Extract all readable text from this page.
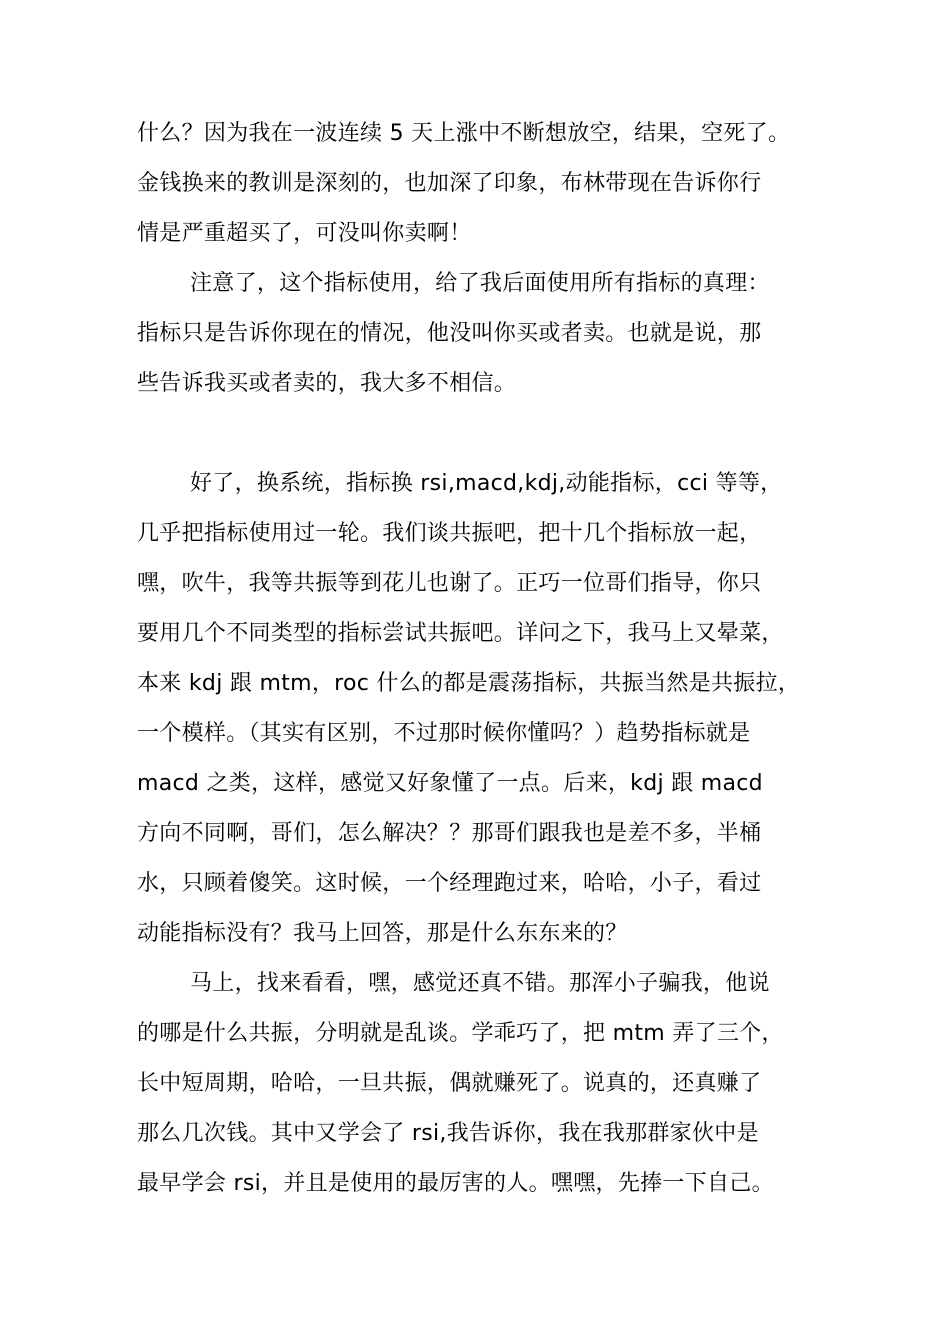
什么？因为我在一波连续 5 天上涨中不断想放空，结果，空死了。
金钱换来的教训是深刻的，也加深了印象，布林带现在告诉你行
情是严重超买了，可没叫你卖啊！
注意了，这个指标使用，给了我后面使用所有指标的真理：
指标只是告诉你现在的情况，他没叫你买或者卖。也就是说，那
些告诉我买或者卖的，我大多不相信。
好了，换系统，指标换 rsi,macd,kdj,动能指标，cci 等等，
几乎把指标使用过一轮。我们谈共振吧，把十几个指标放一起，
嘿，吹牛，我等共振等到花儿也谢了。正巧一位哥们指导，你只
要用几个不同类型的指标尝试共振吧。详问之下，我马上又晕菜，
本来 kdj 跟 mtm，roc 什么的都是震荡指标，共振当然是共振拉，
一个模样。（其实有区别，不过那时候你懂吗？）趋势指标就是
macd 之类，这样，感觉又好象懂了一点。后来，kdj 跟 macd
方向不同啊，哥们，怎么解决？？那哥们跟我也是差不多，半桶
水，只顾着傻笑。这时候，一个经理跑过来，哈哈，小子，看过
动能指标没有？我马上回答，那是什么东东来的？
马上，找来看看，嘿，感觉还真不错。那浑小子骗我，他说
的哪是什么共振，分明就是乱谈。学乖巧了，把 mtm 弄了三个，
长中短周期，哈哈，一旦共振，偶就赚死了。说真的，还真赚了
那么几次钱。其中又学会了 rsi,我告诉你，我在我那群家伙中是
最早学会 rsi，并且是使用的最厉害的人。嘿嘿，先捧一下自己。
